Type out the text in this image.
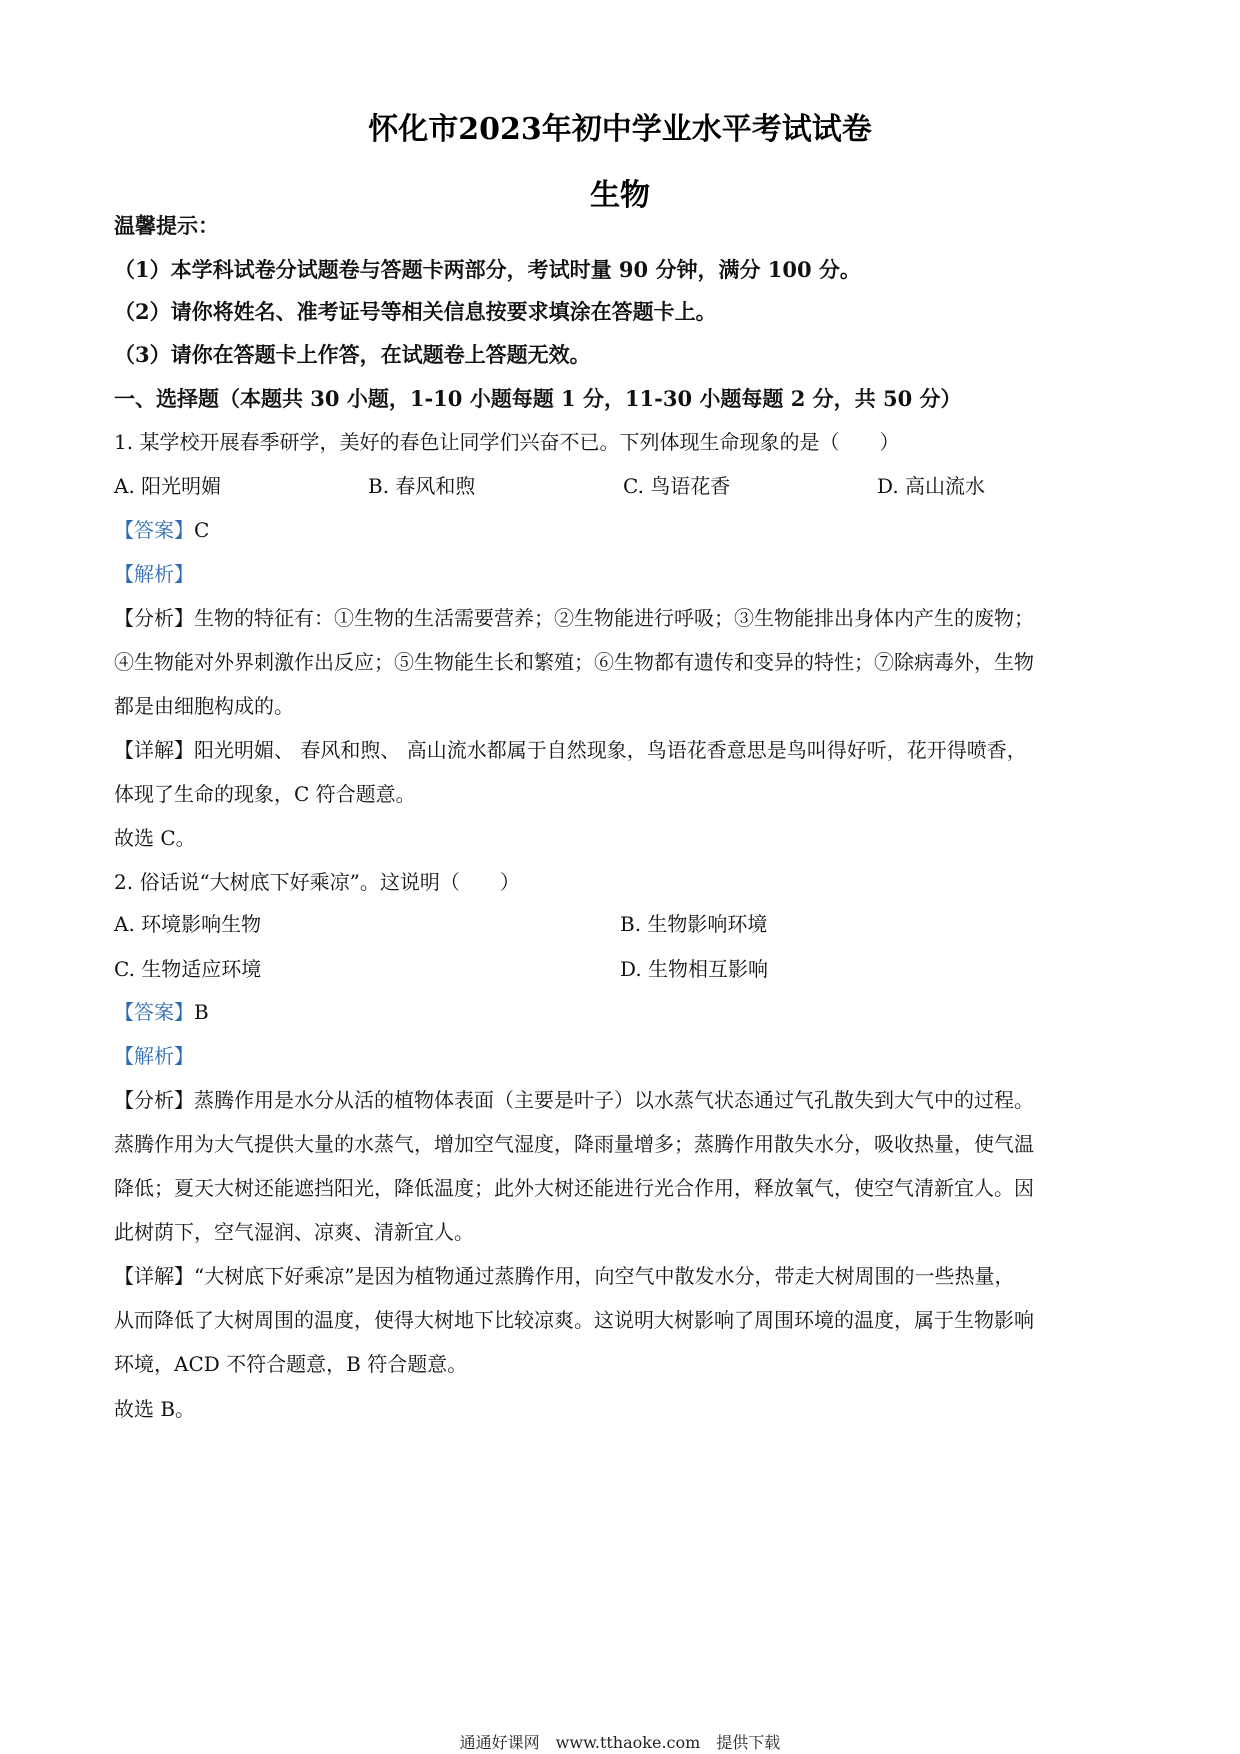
怀化市2023年初中学业水平考试试卷
生物
温馨提示：
（1）本学科试卷分试题卷与答题卡两部分，考试时量 90 分钟，满分 100 分。
（2）请你将姓名、准考证号等相关信息按要求填涂在答题卡上。
（3）请你在答题卡上作答，在试题卷上答题无效。
一、选择题（本题共 30 小题，1-10 小题每题 1 分，11-30 小题每题 2 分，共 50 分）
1. 某学校开展春季研学，美好的春色让同学们兴奋不已。下列体现生命现象的是（　　）
A. 阳光明媚	B. 春风和煦	C. 鸟语花香	D. 高山流水
【答案】C
【解析】
【分析】生物的特征有：①生物的生活需要营养；②生物能进行呼吸；③生物能排出身体内产生的废物；
④生物能对外界刺激作出反应；⑤生物能生长和繁殖；⑥生物都有遗传和变异的特性；⑦除病毒外，生物
都是由细胞构成的。
【详解】阳光明媚、 春风和煦、 高山流水都属于自然现象，鸟语花香意思是鸟叫得好听，花开得喷香，
体现了生命的现象，C 符合题意。
故选 C。
2. 俗话说“大树底下好乘凉”。这说明（　　）
A. 环境影响生物	B. 生物影响环境
C. 生物适应环境	D. 生物相互影响
【答案】B
【解析】
【分析】蒸腾作用是水分从活的植物体表面（主要是叶子）以水蒸气状态通过气孔散失到大气中的过程。
蒸腾作用为大气提供大量的水蒸气，增加空气湿度，降雨量增多；蒸腾作用散失水分，吸收热量，使气温
降低；夏天大树还能遮挡阳光，降低温度；此外大树还能进行光合作用，释放氧气，使空气清新宜人。因
此树荫下，空气湿润、凉爽、清新宜人。
【详解】“大树底下好乘凉”是因为植物通过蒸腾作用，向空气中散发水分，带走大树周围的一些热量，
从而降低了大树周围的温度，使得大树地下比较凉爽。这说明大树影响了周围环境的温度，属于生物影响
环境，ACD 不符合题意，B 符合题意。
故选 B。
通通好课网　www.tthaoke.com　提供下载
